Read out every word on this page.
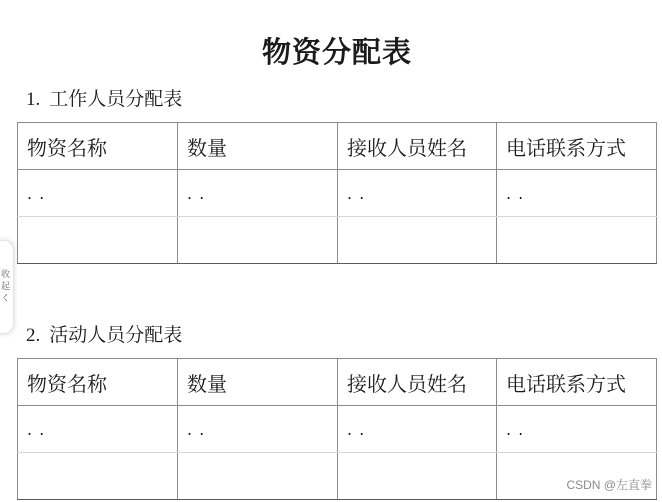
物资分配表
1. 工作人员分配表
物资名称	数量	接收人员姓名	电话联系方式
. .	. .	. .	. .

2. 活动人员分配表
物资名称	数量	接收人员姓名	电话联系方式
. .	. .	. .	. .

收起く
CSDN @左直拳
